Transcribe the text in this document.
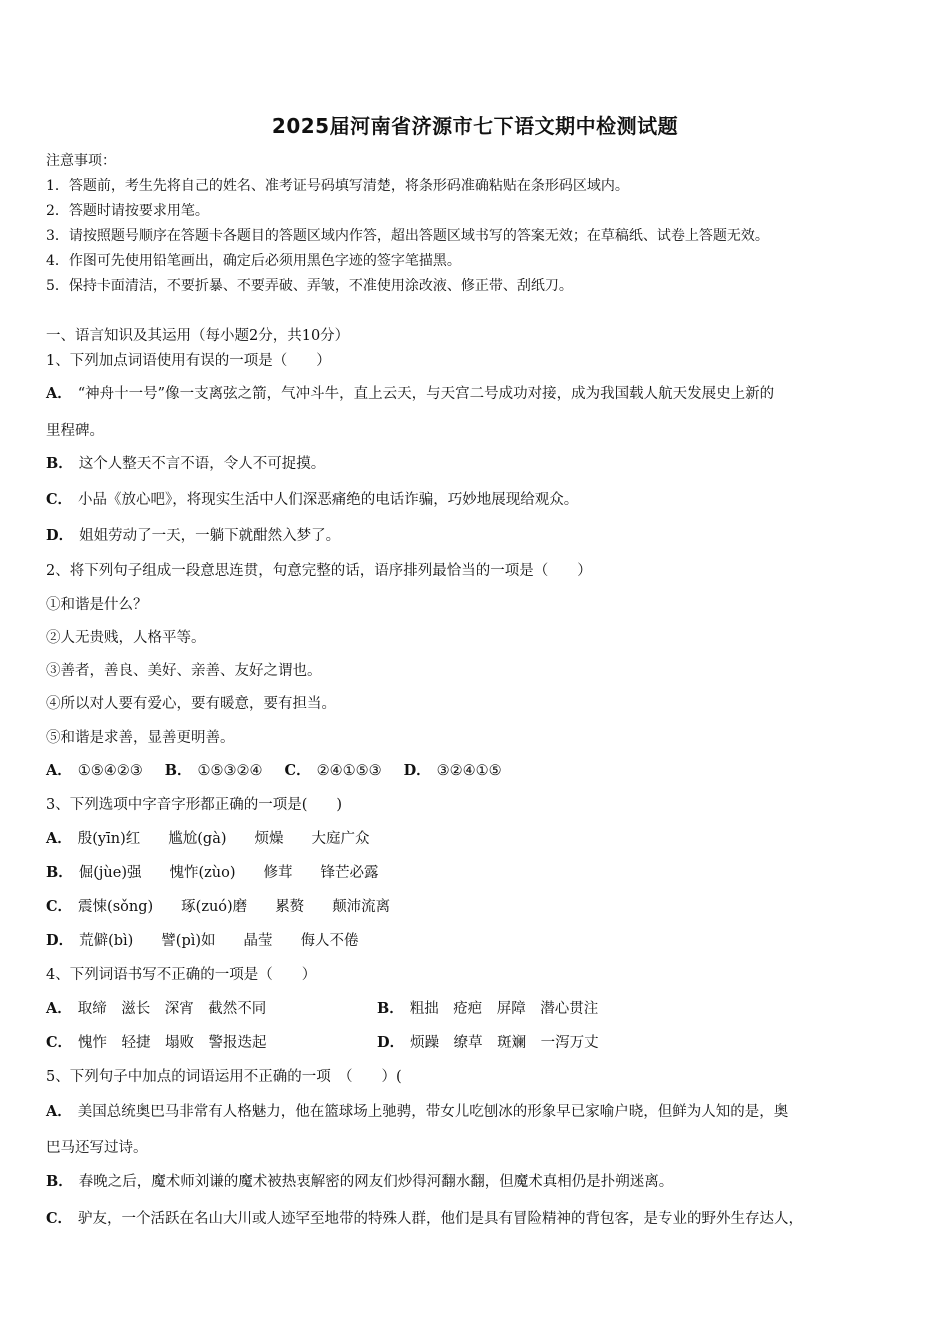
2025届河南省济源市七下语文期中检测试题
注意事项：
1．答题前，考生先将自己的姓名、准考证号码填写清楚，将条形码准确粘贴在条形码区域内。
2．答题时请按要求用笔。
3．请按照题号顺序在答题卡各题目的答题区域内作答，超出答题区域书写的答案无效；在草稿纸、试卷上答题无效。
4．作图可先使用铅笔画出，确定后必须用黑色字迹的签字笔描黑。
5．保持卡面清洁，不要折暴、不要弄破、弄皱，不准使用涂改液、修正带、刮纸刀。
一、语言知识及其运用（每小题2分，共10分）
1、下列加点词语使用有误的一项是（　　）
A． “神舟十一号”像一支离弦之箭，气冲斗牛，直上云天，与天宫二号成功对接，成为我国载人航天发展史上新的
里程碑。
B． 这个人整天不言不语，令人不可捉摸。
C． 小品《放心吧》，将现实生活中人们深恶痛绝的电话诈骗，巧妙地展现给观众。
D． 姐姐劳动了一天，一躺下就酣然入梦了。
2、将下列句子组成一段意思连贯，句意完整的话，语序排列最恰当的一项是（　　）
①和谐是什么？
②人无贵贱，人格平等。
③善者，善良、美好、亲善、友好之谓也。
④所以对人要有爱心，要有暖意，要有担当。
⑤和谐是求善，显善更明善。
A． ①⑤④②③ B． ①⑤③②④ C． ②④①⑤③ D． ③②④①⑤
3、下列选项中字音字形都正确的一项是(　　)
A． 殷(yīn)红 尴尬(gà) 烦燥 大庭广众
B． 倔(jùe)强 愧怍(zùo) 修茸 锋芒必露
C． 震悚(sǒng) 琢(zuó)磨 累赘 颠沛流离
D． 荒僻(bì) 譬(pì)如 晶莹 侮人不倦
4、下列词语书写不正确的一项是（　　）
A． 取缔　滋长　深宵　截然不同	B． 粗拙　疮疤　屏障　潜心贯注
C． 愧怍　轻捷　塌败　警报迭起	D． 烦躁　缭草　斑斓　一泻万丈
5、下列句子中加点的词语运用不正确的一项　（　　）(
A． 美国总统奥巴马非常有人格魅力，他在篮球场上驰骋，带女儿吃刨冰的形象早已家喻户晓，但鲜为人知的是，奥
巴马还写过诗。
B． 春晚之后，魔术师刘谦的魔术被热衷解密的网友们炒得河翻水翻，但魔术真相仍是扑朔迷离。
C． 驴友，一个活跃在名山大川或人迹罕至地带的特殊人群，他们是具有冒险精神的背包客，是专业的野外生存达人，
